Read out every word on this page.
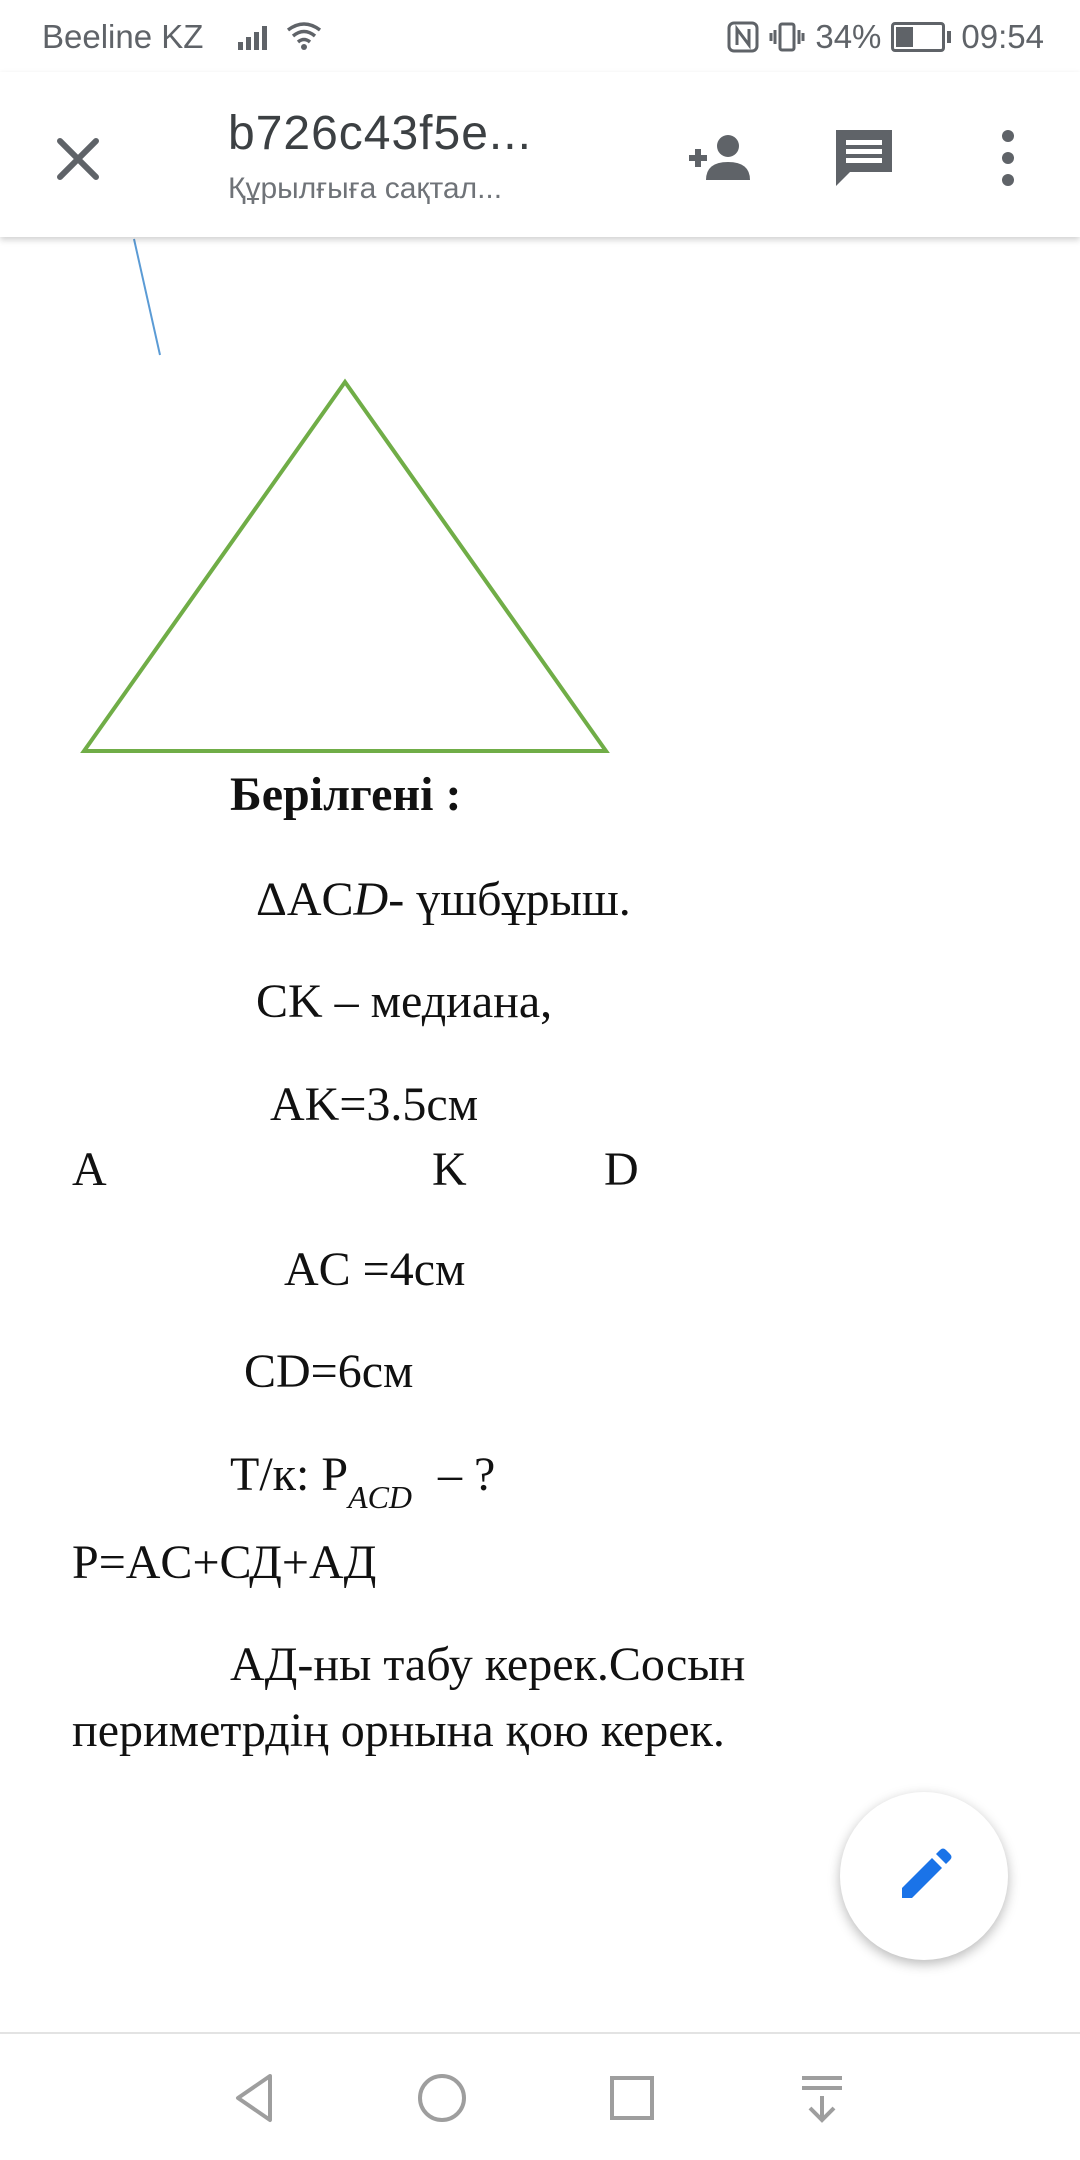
Beeline KZ	34% 09:54
b726c43f5e...
Құрылғыға сақтал...
Берілгені :
ΔACD- үшбұрыш.
CK – медиана,
AK=3.5см
A	K	D
AC =4см
CD=6см
Т/к: $P_{ACD}$ – ?
P=AC+СД+АД
АД-ны табу керек.Сосын
периметрдің орнына қою керек.
